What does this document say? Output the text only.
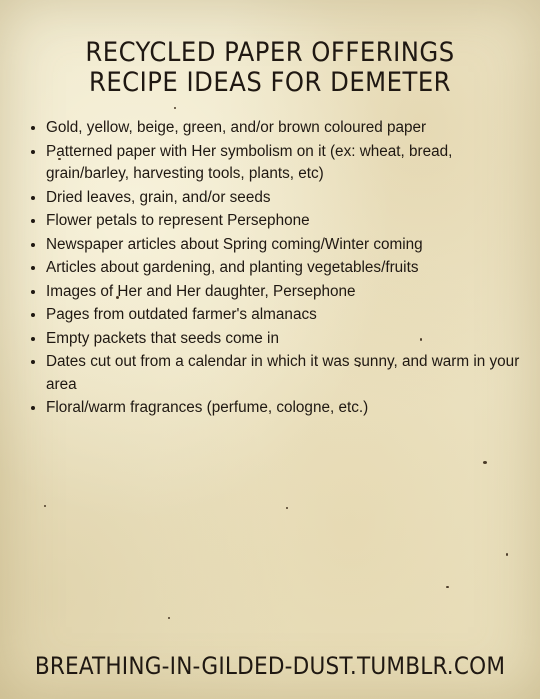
RECYCLED PAPER OFFERINGS
RECIPE IDEAS FOR DEMETER
• Gold, yellow, beige, green, and/or brown coloured paper
• Patterned paper with Her symbolism on it (ex: wheat, bread, grain/barley, harvesting tools, plants, etc)
• Dried leaves, grain, and/or seeds
• Flower petals to represent Persephone
• Newspaper articles about Spring coming/Winter coming
• Articles about gardening, and planting vegetables/fruits
• Images of Her and Her daughter, Persephone
• Pages from outdated farmer's almanacs
• Empty packets that seeds come in
• Dates cut out from a calendar in which it was sunny, and warm in your area
• Floral/warm fragrances (perfume, cologne, etc.)
BREATHING-IN-GILDED-DUST.TUMBLR.COM
